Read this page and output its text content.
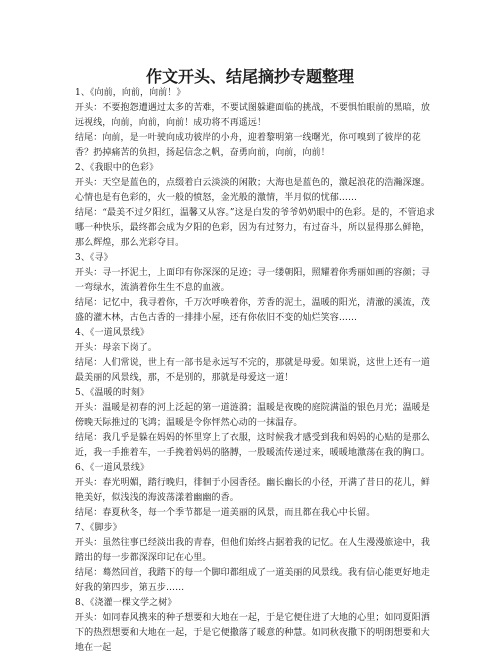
作文开头、结尾摘抄专题整理
1、《向前，向前，向前！》
开头：不要抱怨遭遇过太多的苦难，不要试图躲避面临的挑战，不要惧怕眼前的黑暗，放远视线，向前，向前，向前！成功将不再遥远！
结尾：向前，是一叶驶向成功彼岸的小舟，迎着黎明第一线曙光，你可嗅到了彼岸的花香？扔掉痛苦的负担，扬起信念之帆，奋勇向前，向前，向前！
2、《我眼中的色彩》
开头：天空是蓝色的，点缀着白云淡淡的闲散；大海也是蓝色的，激起浪花的浩瀚深邃。心情也是有色彩的，火一般的愤怒，金光般的激情，半月似的忧郁……
结尾：“最美不过夕阳红，温馨又从容。”这是白发的爷爷奶奶眼中的色彩。是的，不管追求哪一种快乐，最终都会成为夕阳的色彩，因为有过努力，有过奋斗，所以显得那么鲜艳，那么辉煌，那么光彩夺目。
3、《寻》
开头：寻一抔泥土，上面印有你深深的足迹；寻一缕朝阳，照耀着你秀丽如画的容颜；寻一弯绿水，流淌着你生生不息的血液。
结尾：记忆中，我寻着你，千万次呼唤着你，芳香的泥土，温暖的阳光，清澈的溪流，茂盛的灌木林，古色古香的一排排小屋，还有你依旧不变的灿烂笑容……
4、《一道风景线》
开头：母亲下岗了。
结尾：人们常说，世上有一部书是永远写不完的，那就是母爱。如果说，这世上还有一道最美丽的风景线，那，不是别的，那就是母爱这一道！
5、《温暖的时刻》
开头：温暖是初春的河上泛起的第一道涟漪；温暖是夜晚的庭院满溢的银色月光；温暖是傍晚天际推过的飞鸿；温暖是令你怦然心动的一抹温存。
结尾：我几乎是躲在妈妈的怀里穿上了衣服，这时候我才感受到我和妈妈的心贴的是那么近，我一手推着车，一手挽着妈妈的胳膊，一股暖流传递过来，暖暖地激荡在我的胸口。
6、《一道风景线》
开头：春光明媚，踏行晚归，徘徊于小园香径。幽长幽长的小径，开满了昔日的花儿，鲜艳美好，似浅浅的海波荡漾着幽幽的香。
结尾：春夏秋冬，每一个季节都是一道美丽的风景，而且都在我心中长留。
7、《脚步》
开头：虽然往事已经淡出我的青春，但他们始终占据着我的记忆。在人生漫漫旅途中，我踏出的每一步都深深印记在心里。
结尾：蓦然回首，我踏下的每一个脚印都组成了一道美丽的风景线。我有信心能更好地走好我的第四步，第五步……
8、《浇灌一棵文学之树》
开头：如同春风携来的种子想要和大地在一起，于是它便住进了大地的心里；如同夏阳洒下的热烈想要和大地在一起，于是它便撒落了暖意的种慧。如同秋夜撒下的明朗想要和大地在一起
